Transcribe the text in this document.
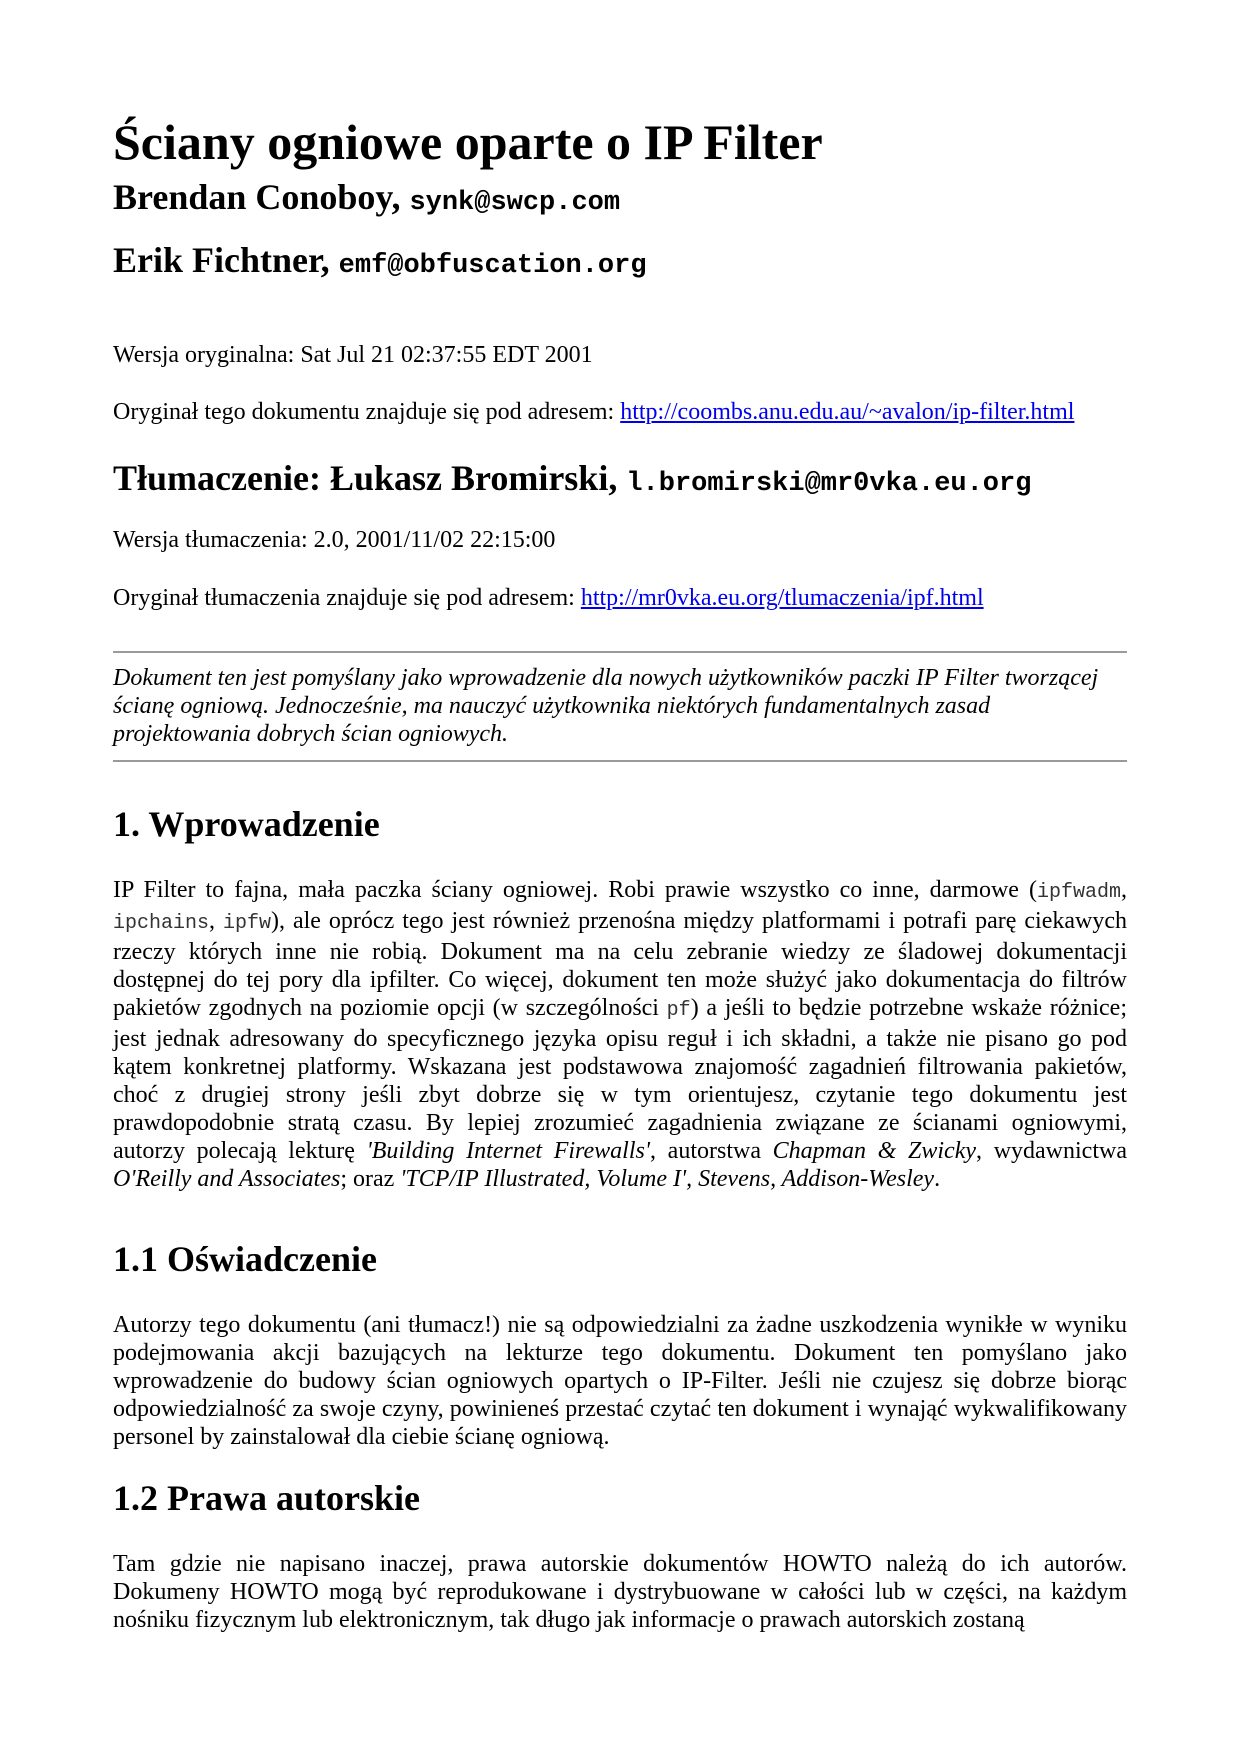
Ściany ogniowe oparte o IP Filter

Brendan Conoboy, synk@swcp.com

Erik Fichtner, emf@obfuscation.org

Wersja oryginalna: Sat Jul 21 02:37:55 EDT 2001

Oryginał tego dokumentu znajduje się pod adresem: http://coombs.anu.edu.au/~avalon/ip-filter.html

Tłumaczenie: Łukasz Bromirski, l.bromirski@mr0vka.eu.org

Wersja tłumaczenia: 2.0, 2001/11/02 22:15:00

Oryginał tłumaczenia znajduje się pod adresem: http://mr0vka.eu.org/tlumaczenia/ipf.html

Dokument ten jest pomyślany jako wprowadzenie dla nowych użytkowników paczki IP Filter tworzącej ścianę ogniową. Jednocześnie, ma nauczyć użytkownika niektórych fundamentalnych zasad projektowania dobrych ścian ogniowych.

1. Wprowadzenie

IP Filter to fajna, mała paczka ściany ogniowej. Robi prawie wszystko co inne, darmowe (ipfwadm, ipchains, ipfw), ale oprócz tego jest również przenośna między platformami i potrafi parę ciekawych rzeczy których inne nie robią. Dokument ma na celu zebranie wiedzy ze śladowej dokumentacji dostępnej do tej pory dla ipfilter. Co więcej, dokument ten może służyć jako dokumentacja do filtrów pakietów zgodnych na poziomie opcji (w szczególności pf) a jeśli to będzie potrzebne wskaże różnice; jest jednak adresowany do specyficznego języka opisu reguł i ich składni, a także nie pisano go pod kątem konkretnej platformy. Wskazana jest podstawowa znajomość zagadnień filtrowania pakietów, choć z drugiej strony jeśli zbyt dobrze się w tym orientujesz, czytanie tego dokumentu jest prawdopodobnie stratą czasu. By lepiej zrozumieć zagadnienia związane ze ścianami ogniowymi, autorzy polecają lekturę 'Building Internet Firewalls', autorstwa Chapman & Zwicky, wydawnictwa O'Reilly and Associates; oraz 'TCP/IP Illustrated, Volume I', Stevens, Addison-Wesley.

1.1 Oświadczenie

Autorzy tego dokumentu (ani tłumacz!) nie są odpowiedzialni za żadne uszkodzenia wynikłe w wyniku podejmowania akcji bazujących na lekturze tego dokumentu. Dokument ten pomyślano jako wprowadzenie do budowy ścian ogniowych opartych o IP-Filter. Jeśli nie czujesz się dobrze biorąc odpowiedzialność za swoje czyny, powinieneś przestać czytać ten dokument i wynająć wykwalifikowany personel by zainstalował dla ciebie ścianę ogniową.

1.2 Prawa autorskie

Tam gdzie nie napisano inaczej, prawa autorskie dokumentów HOWTO należą do ich autorów. Dokumeny HOWTO mogą być reprodukowane i dystrybuowane w całości lub w części, na każdym nośniku fizycznym lub elektronicznym, tak długo jak informacje o prawach autorskich zostaną
